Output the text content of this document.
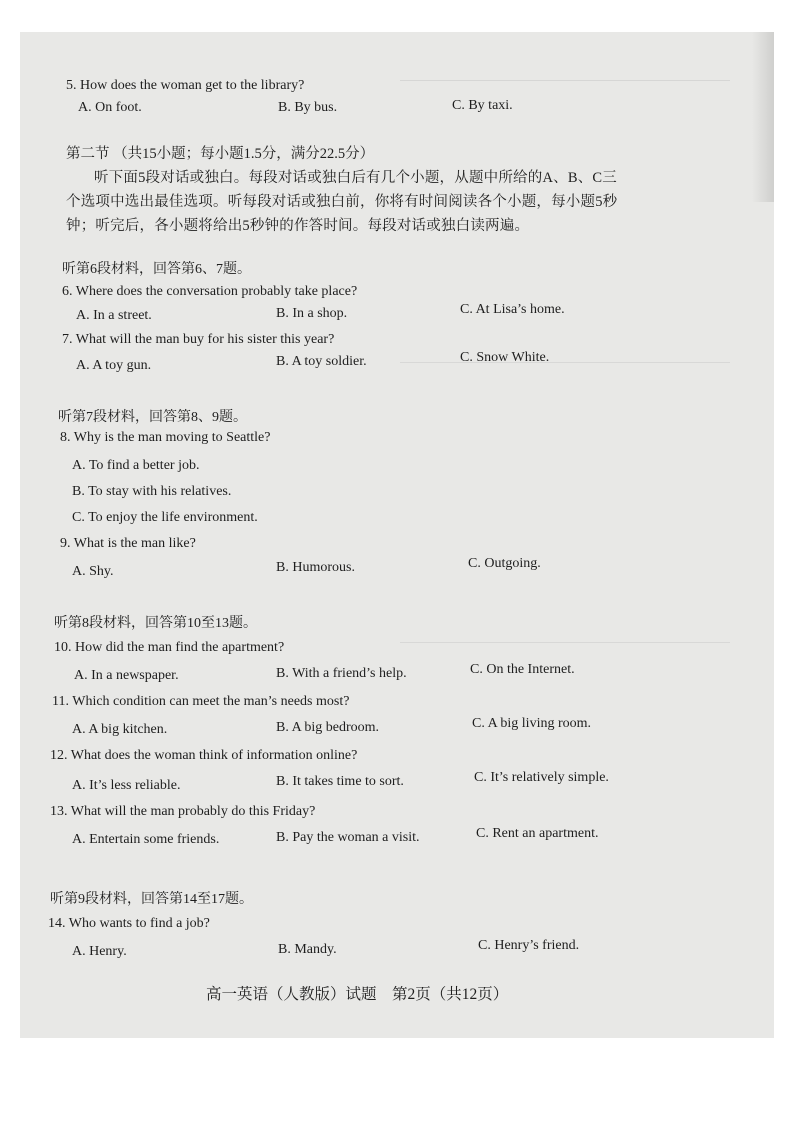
5. How does the woman get to the library?
A. On foot.	B. By bus.	C. By taxi.
第二节 （共15小题；每小题1.5分，满分22.5分）
听下面5段对话或独白。每段对话或独白后有几个小题，从题中所给的A、B、C三
个选项中选出最佳选项。听每段对话或独白前，你将有时间阅读各个小题，每小题5秒
钟；听完后，各小题将给出5秒钟的作答时间。每段对话或独白读两遍。
听第6段材料，回答第6、7题。
6. Where does the conversation probably take place?
A. In a street.	B. In a shop.	C. At Lisa’s home.
7. What will the man buy for his sister this year?
A. A toy gun.	B. A toy soldier.	C. Snow White.
听第7段材料，回答第8、9题。
8. Why is the man moving to Seattle?
A. To find a better job.
B. To stay with his relatives.
C. To enjoy the life environment.
9. What is the man like?
A. Shy.	B. Humorous.	C. Outgoing.
听第8段材料，回答第10至13题。
10. How did the man find the apartment?
A. In a newspaper.	B. With a friend’s help.	C. On the Internet.
11. Which condition can meet the man’s needs most?
A. A big kitchen.	B. A big bedroom.	C. A big living room.
12. What does the woman think of information online?
A. It’s less reliable.	B. It takes time to sort.	C. It’s relatively simple.
13. What will the man probably do this Friday?
A. Entertain some friends.	B. Pay the woman a visit.	C. Rent an apartment.
听第9段材料，回答第14至17题。
14. Who wants to find a job?
A. Henry.	B. Mandy.	C. Henry’s friend.
高一英语（人教版）试题　第2页（共12页）
